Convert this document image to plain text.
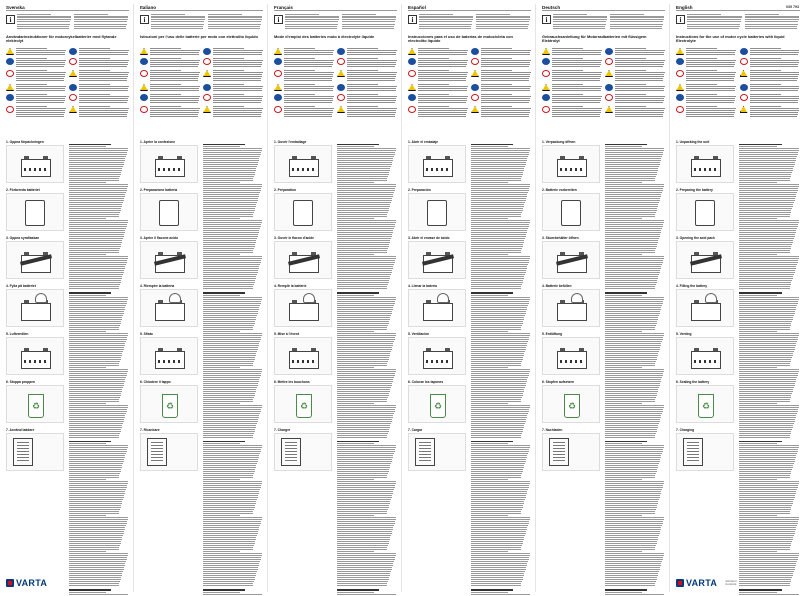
Svenska
i
Användarinstruktioner för motorcykelbatterier med flytande elektrolyt
1. Öppna förpackningen
2. Förbereda batteriet
3. Öppna syraflaskan
4. Fylla på batteriet
5. Luftventilen
6. Stoppa proppen
♻
7. Använd laddare
VARTA
Italiano
i
Istruzioni per l'uso delle batterie per moto con elettrolito liquido
1. Aprire la confezione
2. Preparazione batteria
3. Aprire il flacone acido
4. Riempire la batteria
5. Sfiato
6. Chiudere il tappo
♻
7. Ricaricare
Français
i
Mode d'emploi des batteries moto à électrolyte liquide
1. Ouvrir l'emballage
2. Préparation
3. Ouvrir le flacon d'acide
4. Remplir la batterie
5. Mise à l'évent
6. Mettre les bouchons
♻
7. Charger
Español
i
Instrucciones para el uso de baterías de motocicleta con electrolito líquido
1. Abrir el embalaje
2. Preparación
3. Abrir el envase de ácido
4. Llenar la batería
5. Ventilación
6. Colocar los tapones
♻
7. Cargar
Deutsch
i
Gebrauchsanleitung für Motorradbatterien mit flüssigem Elektrolyt
1. Verpackung öffnen
2. Batterie vorbereiten
3. Säurebehälter öffnen
4. Batterie befüllen
5. Entlüftung
6. Stopfen aufsetzen
♻
7. Nachladen
English	039 793
i
Instructions for the use of motor cycle batteries with liquid Electrolyte
1. Unpacking the unit
2. Preparing the battery
3. Opening the acid pack
4. Filling the battery
5. Venting
6. Sealing the battery
♻
7. Charging
VARTA	Johnson
Controls
